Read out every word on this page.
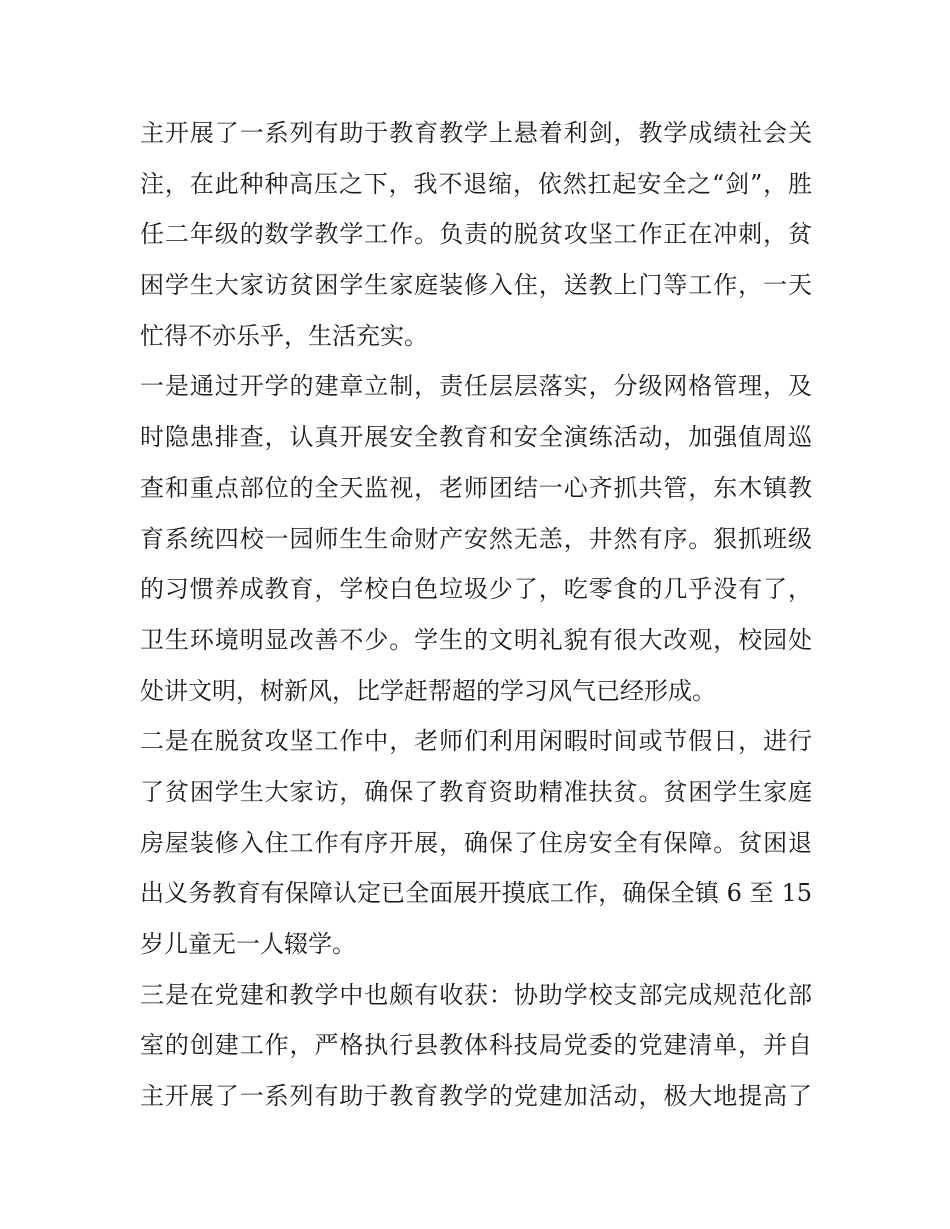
主开展了一系列有助于教育教学上悬着利剑，教学成绩社会关
注，在此种种高压之下，我不退缩，依然扛起安全之“剑”，胜
任二年级的数学教学工作。负责的脱贫攻坚工作正在冲刺，贫
困学生大家访贫困学生家庭装修入住，送教上门等工作，一天
忙得不亦乐乎，生活充实。
一是通过开学的建章立制，责任层层落实，分级网格管理，及
时隐患排查，认真开展安全教育和安全演练活动，加强值周巡
查和重点部位的全天监视，老师团结一心齐抓共管，东木镇教
育系统四校一园师生生命财产安然无恙，井然有序。狠抓班级
的习惯养成教育，学校白色垃圾少了，吃零食的几乎没有了，
卫生环境明显改善不少。学生的文明礼貌有很大改观，校园处
处讲文明，树新风，比学赶帮超的学习风气已经形成。
二是在脱贫攻坚工作中，老师们利用闲暇时间或节假日，进行
了贫困学生大家访，确保了教育资助精准扶贫。贫困学生家庭
房屋装修入住工作有序开展，确保了住房安全有保障。贫困退
出义务教育有保障认定已全面展开摸底工作，确保全镇 6 至 15
岁儿童无一人辍学。
三是在党建和教学中也颇有收获：协助学校支部完成规范化部
室的创建工作，严格执行县教体科技局党委的党建清单，并自
主开展了一系列有助于教育教学的党建加活动，极大地提高了
